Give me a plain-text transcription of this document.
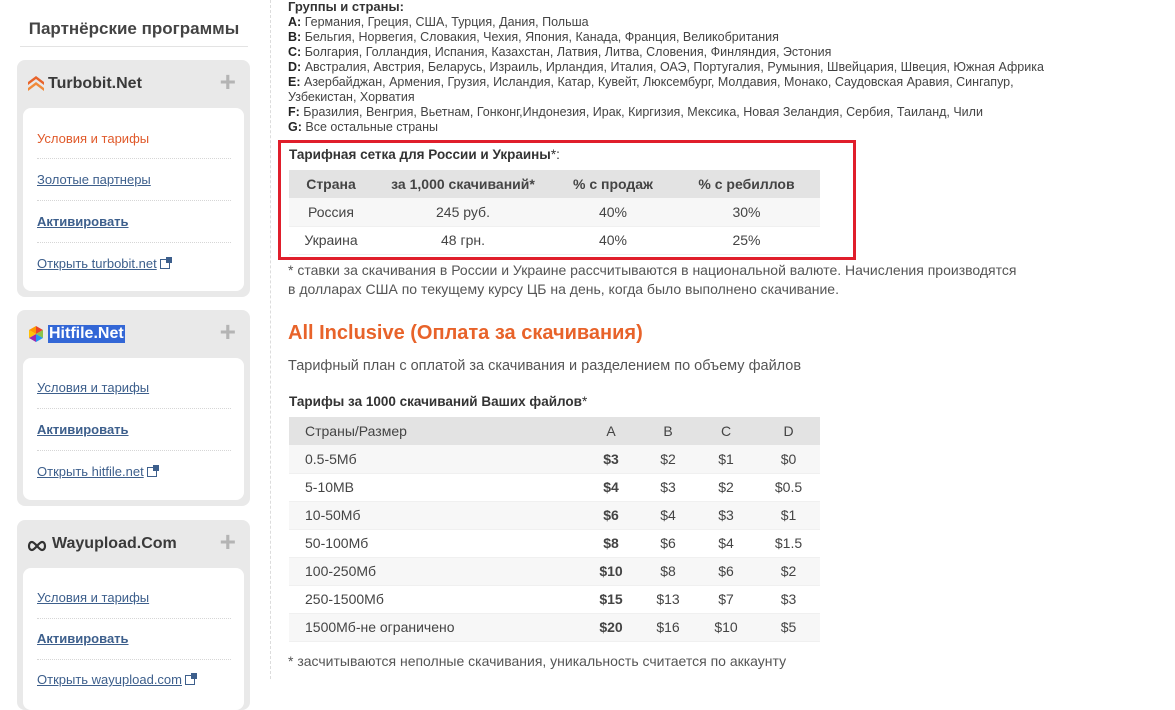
Партнёрские программы
Turbobit.Net	+
Условия и тарифы
Золотые партнеры
Активировать
Открыть turbobit.net
Hitfile.Net	+
Условия и тарифы
Активировать
Открыть hitfile.net
Wayupload.Com +
Условия и тарифы
Активировать
Открыть wayupload.com
Группы и страны:
A: Германия, Греция, США, Турция, Дания, Польша
B: Бельгия, Норвегия, Словакия, Чехия, Япония, Канада, Франция, Великобритания
C: Болгария, Голландия, Испания, Казахстан, Латвия, Литва, Словения, Финляндия, Эстония
D: Австралия, Австрия, Беларусь, Израиль, Ирландия, Италия, ОАЭ, Португалия, Румыния, Швейцария, Швеция, Южная Африка
E: Азербайджан, Армения, Грузия, Исландия, Катар, Кувейт, Люксембург, Молдавия, Монако, Саудовская Аравия, Сингапур,
Узбекистан, Хорватия
F: Бразилия, Венгрия, Вьетнам, Гонконг,Индонезия, Ирак, Киргизия, Мексика, Новая Зеландия, Сербия, Таиланд, Чили
G: Все остальные страны
Тарифная сетка для России и Украины*:
Страна	за 1,000 скачиваний*	% с продаж	% с ребиллов
Россия	245 руб.	40%	30%
Украина	48 грн.	40%	25%
* ставки за скачивания в России и Украине рассчитываются в национальной валюте. Начисления производятся
в долларах США по текущему курсу ЦБ на день, когда было выполнено скачивание.
All Inclusive (Оплата за скачивания)
Тарифный план с оплатой за скачивания и разделением по объему файлов
Тарифы за 1000 скачиваний Ваших файлов*
Страны/Размер	A	B	C	D
0.5-5Мб	$3	$2	$1	$0
5-10МВ	$4	$3	$2	$0.5
10-50Мб	$6	$4	$3	$1
50-100Мб	$8	$6	$4	$1.5
100-250Мб	$10	$8	$6	$2
250-1500Мб	$15	$13	$7	$3
1500Мб-не ограничено	$20	$16	$10	$5
* засчитываются неполные скачивания, уникальность считается по аккаунту
